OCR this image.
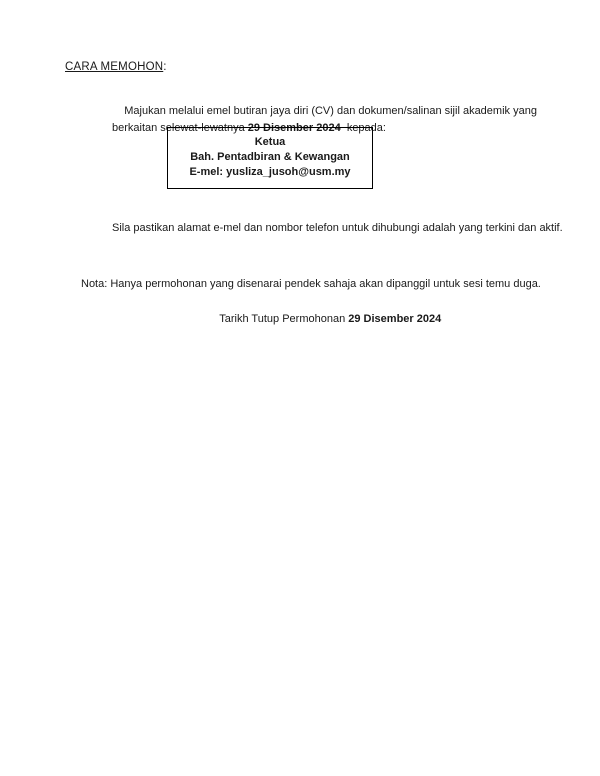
CARA MEMOHON:

Majukan melalui emel butiran jaya diri (CV) dan dokumen/salinan sijil akademik yang berkaitan selewat-lewatnya 29 Disember 2024  kepada:

Ketua
Bah. Pentadbiran & Kewangan
E-mel: yusliza_jusoh@usm.my
Sila pastikan alamat e-mel dan nombor telefon untuk dihubungi adalah yang terkini dan aktif.
Nota: Hanya permohonan yang disenarai pendek sahaja akan dipanggil untuk sesi temu duga.

Tarikh Tutup Permohonan 29 Disember 2024
